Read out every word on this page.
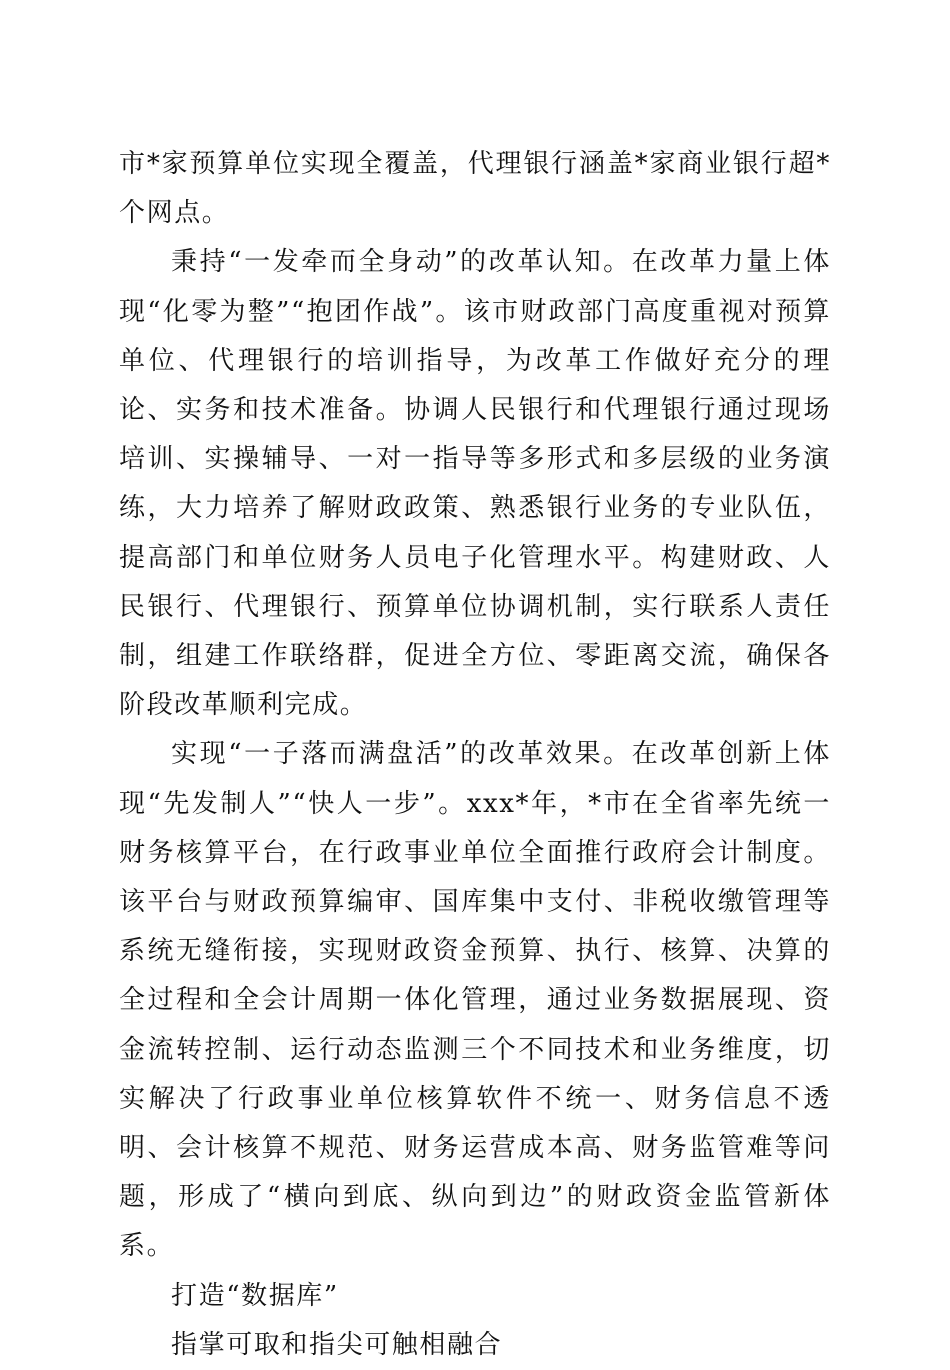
市*家预算单位实现全覆盖，代理银行涵盖*家商业银行超*个网点。

秉持“一发牵而全身动”的改革认知。在改革力量上体现“化零为整”“抱团作战”。该市财政部门高度重视对预算单位、代理银行的培训指导，为改革工作做好充分的理论、实务和技术准备。协调人民银行和代理银行通过现场培训、实操辅导、一对一指导等多形式和多层级的业务演练，大力培养了解财政政策、熟悉银行业务的专业队伍，提高部门和单位财务人员电子化管理水平。构建财政、人民银行、代理银行、预算单位协调机制，实行联系人责任制，组建工作联络群，促进全方位、零距离交流，确保各阶段改革顺利完成。

实现“一子落而满盘活”的改革效果。在改革创新上体现“先发制人”“快人一步”。xxx*年，*市在全省率先统一财务核算平台，在行政事业单位全面推行政府会计制度。该平台与财政预算编审、国库集中支付、非税收缴管理等系统无缝衔接，实现财政资金预算、执行、核算、决算的全过程和全会计周期一体化管理，通过业务数据展现、资金流转控制、运行动态监测三个不同技术和业务维度，切实解决了行政事业单位核算软件不统一、财务信息不透明、会计核算不规范、财务运营成本高、财务监管难等问题，形成了“横向到底、纵向到边”的财政资金监管新体系。

打造“数据库”

指掌可取和指尖可触相融合
